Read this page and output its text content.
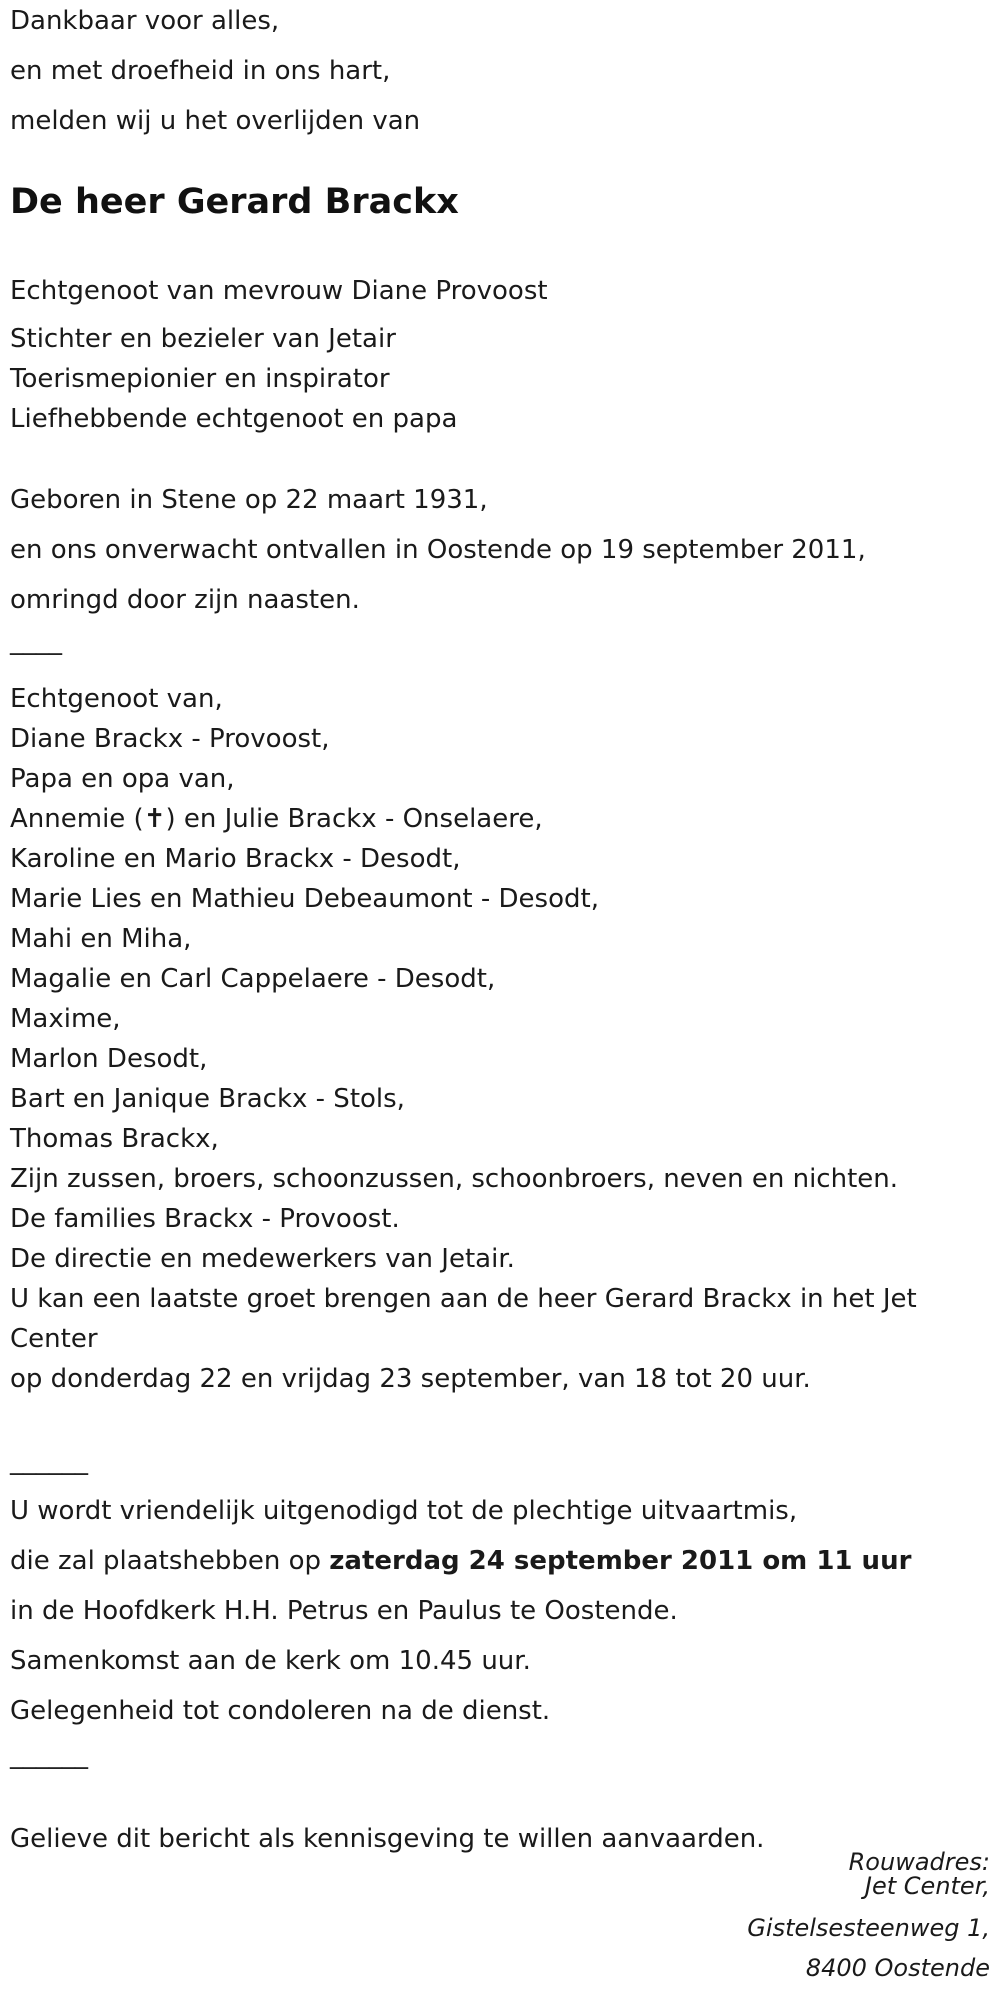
Dankbaar voor alles,
en met droefheid in ons hart,
melden wij u het overlijden van
De heer Gerard Brackx
Echtgenoot van mevrouw Diane Provoost
Stichter en bezieler van Jetair
Toerismepionier en inspirator
Liefhebbende echtgenoot en papa
Geboren in Stene op 22 maart 1931,
en ons onverwacht ontvallen in Oostende op 19 september 2011,
omringd door zijn naasten.
____
Echtgenoot van,
Diane Brackx - Provoost,
Papa en opa van,
Annemie (✝) en Julie Brackx - Onselaere,
Karoline en Mario Brackx - Desodt,
Marie Lies en Mathieu Debeaumont - Desodt,
Mahi en Miha,
Magalie en Carl Cappelaere - Desodt,
Maxime,
Marlon Desodt,
Bart en Janique Brackx - Stols,
Thomas Brackx,
Zijn zussen, broers, schoonzussen, schoonbroers, neven en nichten.
De families Brackx - Provoost.
De directie en medewerkers van Jetair.
U kan een laatste groet brengen aan de heer Gerard Brackx in het Jet
Center
op donderdag 22 en vrijdag 23 september, van 18 tot 20 uur.
______
U wordt vriendelijk uitgenodigd tot de plechtige uitvaartmis,
die zal plaatshebben op zaterdag 24 september 2011 om 11 uur
in de Hoofdkerk H.H. Petrus en Paulus te Oostende.
Samenkomst aan de kerk om 10.45 uur.
Gelegenheid tot condoleren na de dienst.
______
Gelieve dit bericht als kennisgeving te willen aanvaarden.
Rouwadres:
Jet Center,
Gistelsesteenweg 1,
8400 Oostende
